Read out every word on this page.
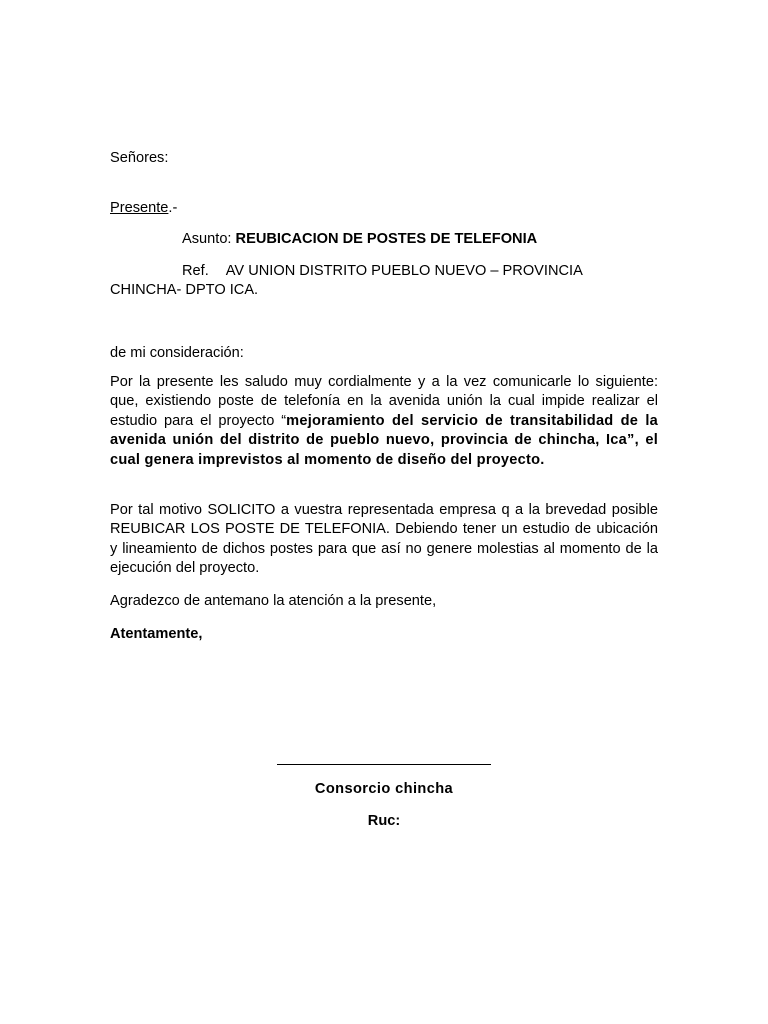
Señores:
Presente.-
Asunto: REUBICACION DE POSTES DE TELEFONIA
Ref. AV UNION DISTRITO PUEBLO NUEVO – PROVINCIA
CHINCHA- DPTO ICA.
de mi consideración:
Por la presente les saludo muy cordialmente y a la vez comunicarle lo siguiente: que, existiendo poste de telefonía en la avenida unión la cual impide realizar el estudio para el proyecto “mejoramiento del servicio de transitabilidad de la avenida unión del distrito de pueblo nuevo, provincia de chincha, Ica”, el cual genera imprevistos al momento de diseño del proyecto.
Por tal motivo SOLICITO a vuestra representada empresa q a la brevedad posible REUBICAR LOS POSTE DE TELEFONIA. Debiendo tener un estudio de ubicación y lineamiento de dichos postes para que así no genere molestias al momento de la ejecución del proyecto.
Agradezco de antemano la atención a la presente,
Atentamente,
Consorcio chincha
Ruc:
